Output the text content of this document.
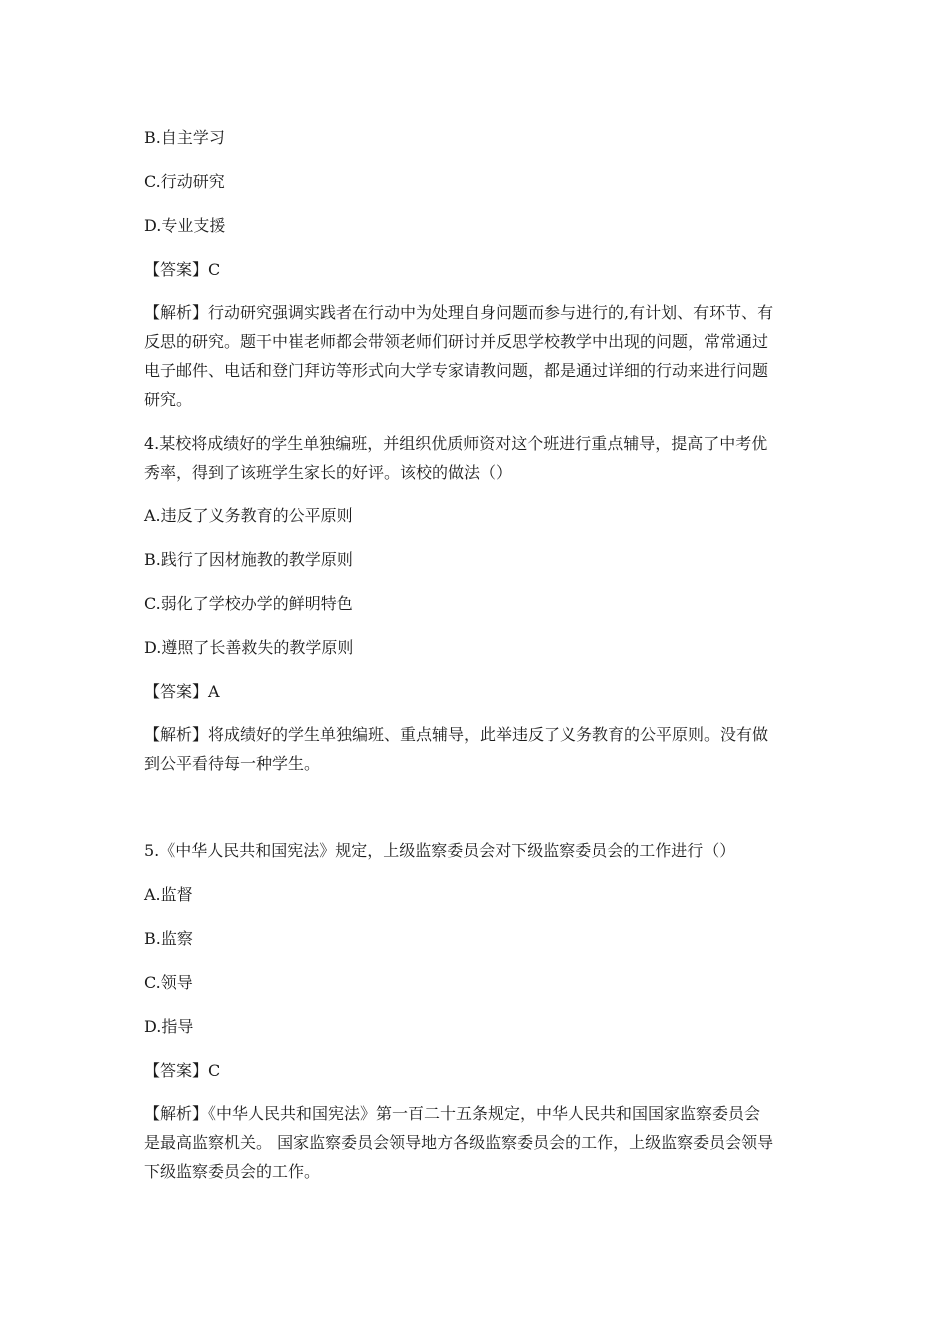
B.自主学习
C.行动研究
D.专业支援
【答案】C
【解析】行动研究强调实践者在行动中为处理自身问题而参与进行的,有计划、有环节、有
反思的研究。题干中崔老师都会带领老师们研讨并反思学校教学中出现的问题，常常通过
电子邮件、电话和登门拜访等形式向大学专家请教问题，都是通过详细的行动来进行问题
研究。
4.某校将成绩好的学生单独编班，并组织优质师资对这个班进行重点辅导，提高了中考优
秀率，得到了该班学生家长的好评。该校的做法（）
A.违反了义务教育的公平原则
B.践行了因材施教的教学原则
C.弱化了学校办学的鲜明特色
D.遵照了长善救失的教学原则
【答案】A
【解析】将成绩好的学生单独编班、重点辅导，此举违反了义务教育的公平原则。没有做
到公平看待每一种学生。
5.《中华人民共和国宪法》规定，上级监察委员会对下级监察委员会的工作进行（）
A.监督
B.监察
C.领导
D.指导
【答案】C
【解析】《中华人民共和国宪法》第一百二十五条规定，中华人民共和国国家监察委员会
是最高监察机关。 国家监察委员会领导地方各级监察委员会的工作，上级监察委员会领导
下级监察委员会的工作。
